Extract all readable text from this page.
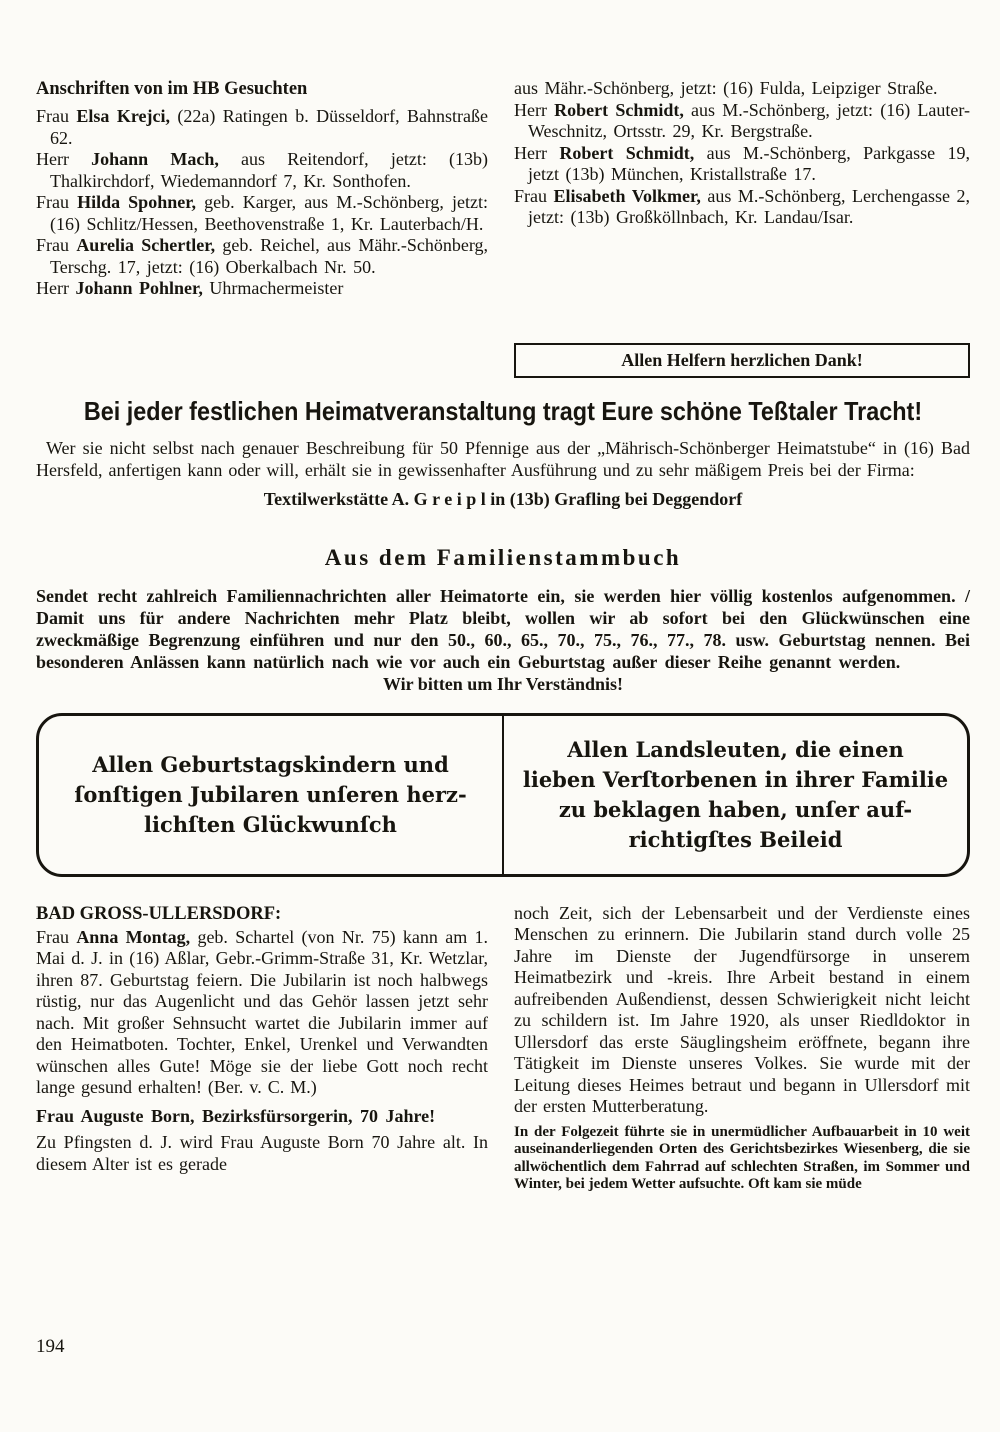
Anschriften von im HB Gesuchten

Frau Elsa Krejci, (22a) Ratingen b. Düsseldorf, Bahnstraße 62.

Herr Johann Mach, aus Reitendorf, jetzt: (13b) Thalkirchdorf, Wiedemanndorf 7, Kr. Sonthofen.

Frau Hilda Spohner, geb. Karger, aus M.-Schönberg, jetzt: (16) Schlitz/Hessen, Beethovenstraße 1, Kr. Lauterbach/H.

Frau Aurelia Schertler, geb. Reichel, aus Mähr.-Schönberg, Terschg. 17, jetzt: (16) Oberkalbach Nr. 50.

Herr Johann Pohlner, Uhrmachermeister

aus Mähr.-Schönberg, jetzt: (16) Fulda, Leipziger Straße.

Herr Robert Schmidt, aus M.-Schönberg, jetzt: (16) Lauter-Weschnitz, Ortsstr. 29, Kr. Bergstraße.

Herr Robert Schmidt, aus M.-Schönberg, Parkgasse 19, jetzt (13b) München, Kristallstraße 17.

Frau Elisabeth Volkmer, aus M.-Schönberg, Lerchengasse 2, jetzt: (13b) Großköllnbach, Kr. Landau/Isar.

Allen Helfern herzlichen Dank!
Bei jeder festlichen Heimatveranstaltung tragt Eure schöne Teßtaler Tracht!

Wer sie nicht selbst nach genauer Beschreibung für 50 Pfennige aus der „Mährisch-Schönberger Heimatstube“ in (16) Bad Hersfeld, anfertigen kann oder will, erhält sie in gewissenhafter Ausführung und zu sehr mäßigem Preis bei der Firma:

Textilwerkstätte A. G r e i p l in (13b) Grafling bei Deggendorf

Aus dem Familienstammbuch

Sendet recht zahlreich Familiennachrichten aller Heimatorte ein, sie werden hier völlig kostenlos aufgenommen. / Damit uns für andere Nachrichten mehr Platz bleibt, wollen wir ab sofort bei den Glückwünschen eine zweckmäßige Begrenzung einführen und nur den 50., 60., 65., 70., 75., 76., 77., 78. usw. Geburtstag nennen. Bei besonderen Anlässen kann natürlich nach wie vor auch ein Geburtstag außer dieser Reihe genannt werden.

Wir bitten um Ihr Verständnis!

Allen Geburtstagskindern und
ſonſtigen Jubilaren unſeren herz-
lichſten Glückwunſch
Allen Landsleuten, die einen
lieben Verſtorbenen in ihrer Familie
zu beklagen haben, unſer auf-
richtigſtes Beileid
BAD GROSS-ULLERSDORF:

Frau Anna Montag, geb. Schartel (von Nr. 75) kann am 1. Mai d. J. in (16) Aßlar, Gebr.-Grimm-Straße 31, Kr. Wetzlar, ihren 87. Geburtstag feiern. Die Jubilarin ist noch halbwegs rüstig, nur das Augenlicht und das Gehör lassen jetzt sehr nach. Mit großer Sehnsucht wartet die Jubilarin immer auf den Heimatboten. Tochter, Enkel, Urenkel und Verwandten wünschen alles Gute! Möge sie der liebe Gott noch recht lange gesund erhalten! (Ber. v. C. M.)

Frau Auguste Born, Bezirksfürsorgerin, 70 Jahre!

Zu Pfingsten d. J. wird Frau Auguste Born 70 Jahre alt. In diesem Alter ist es gerade

noch Zeit, sich der Lebensarbeit und der Verdienste eines Menschen zu erinnern. Die Jubilarin stand durch volle 25 Jahre im Dienste der Jugendfürsorge in unserem Heimatbezirk und -kreis. Ihre Arbeit bestand in einem aufreibenden Außendienst, dessen Schwierigkeit nicht leicht zu schildern ist. Im Jahre 1920, als unser Riedldoktor in Ullersdorf das erste Säuglingsheim eröffnete, begann ihre Tätigkeit im Dienste unseres Volkes. Sie wurde mit der Leitung dieses Heimes betraut und begann in Ullersdorf mit der ersten Mutterberatung.

In der Folgezeit führte sie in unermüdlicher Aufbauarbeit in 10 weit auseinanderliegenden Orten des Gerichtsbezirkes Wiesenberg, die sie allwöchentlich dem Fahrrad auf schlechten Straßen, im Sommer und Winter, bei jedem Wetter aufsuchte. Oft kam sie müde

194
